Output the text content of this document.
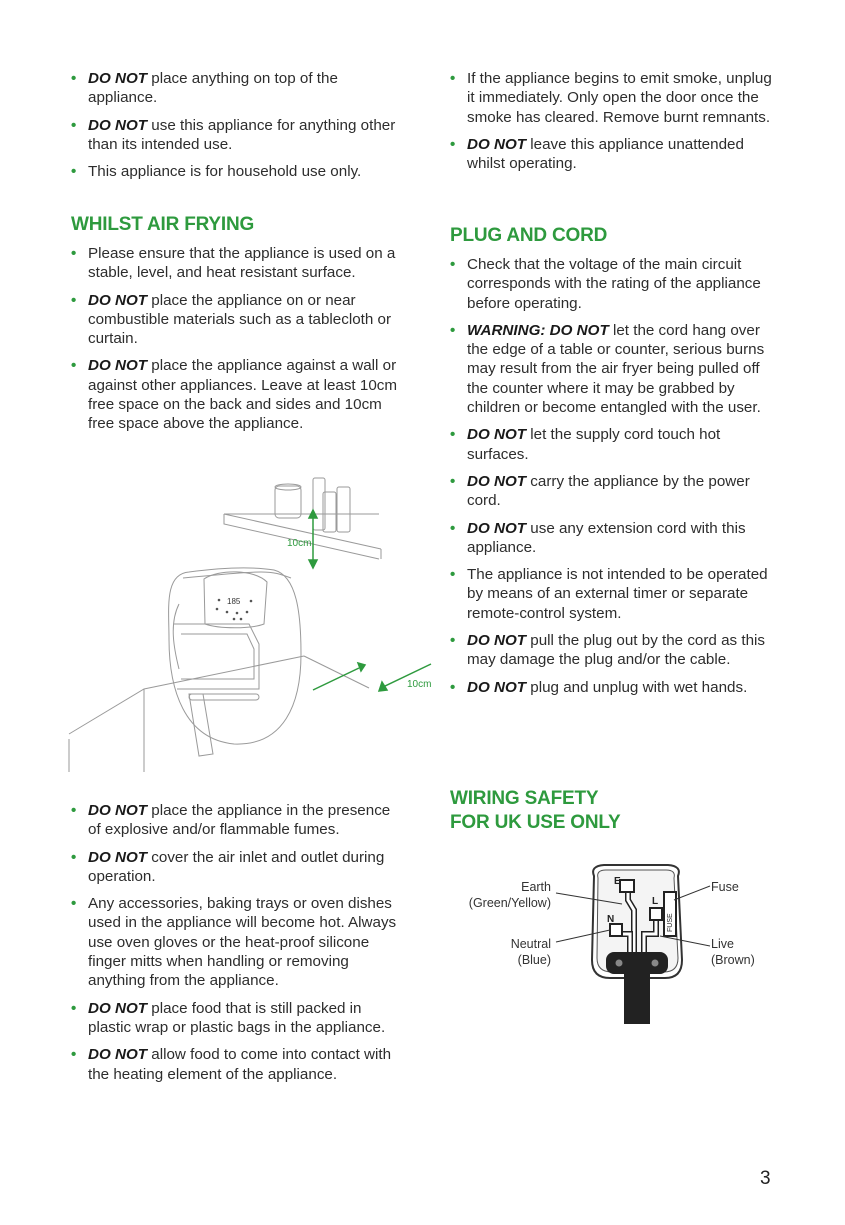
• DO NOT place anything on top of the appliance.
• DO NOT use this appliance for anything other than its intended use.
• This appliance is for household use only.
WHILST AIR FRYING
• Please ensure that the appliance is used on a stable, level, and heat resistant surface.
• DO NOT place the appliance on or near combustible materials such as a tablecloth or curtain.
• DO NOT place the appliance against a wall or against other appliances. Leave at least 10cm free space on the back and sides and 10cm free space above the appliance.
185
10cm
10cm
• DO NOT place the appliance in the presence of explosive and/or flammable fumes.
• DO NOT cover the air inlet and outlet during operation.
• Any accessories, baking trays or oven dishes used in the appliance will become hot. Always use oven gloves or the heat-proof silicone finger mitts when handling or removing anything from the appliance.
• DO NOT place food that is still packed in plastic wrap or plastic bags in the appliance.
• DO NOT allow food to come into contact with the heating element of the appliance.
• If the appliance begins to emit smoke, unplug it immediately. Only open the door once the smoke has cleared. Remove burnt remnants.
• DO NOT leave this appliance unattended whilst operating.
PLUG AND CORD
• Check that the voltage of the main circuit corresponds with the rating of the appliance before operating.
• WARNING: DO NOT let the cord hang over the edge of a table or counter, serious burns may result from the air fryer being pulled off the counter where it may be grabbed by children or become entangled with the user.
• DO NOT let the supply cord touch hot surfaces.
• DO NOT carry the appliance by the power cord.
• DO NOT use any extension cord with this appliance.
• The appliance is not intended to be operated by means of an external timer or separate remote-control system.
• DO NOT pull the plug out by the cord as this may damage the plug and/or the cable.
• DO NOT plug and unplug with wet hands.
WIRING SAFETY
FOR UK USE ONLY
FUSE
E
N
L
Earth
(Green/Yellow)
Neutral
(Blue)
Fuse
Live
(Brown)
3
